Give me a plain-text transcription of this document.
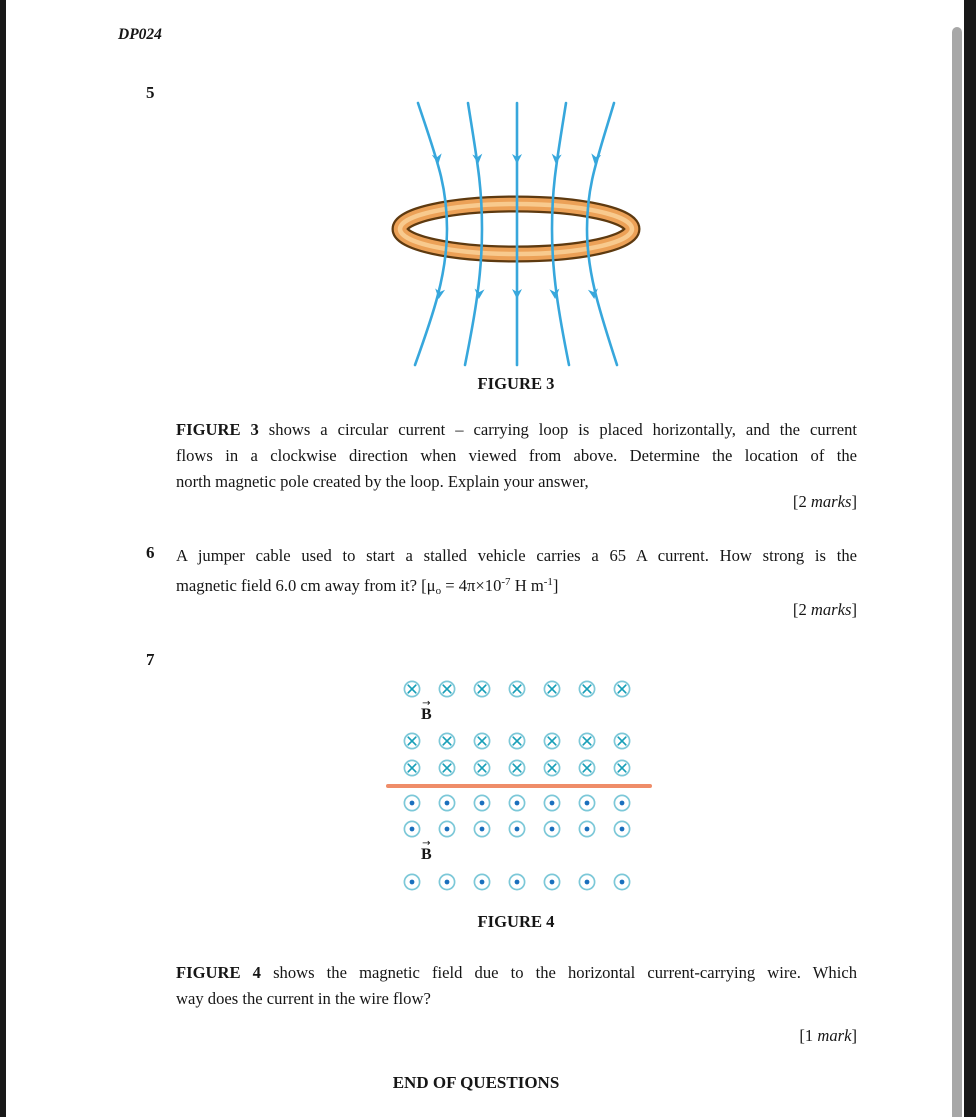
DP024
5
FIGURE 3
FIGURE 3 shows a circular current – carrying loop is placed horizontally, and the current
flows in a clockwise direction when viewed from above. Determine the location of the
north magnetic pole created by the loop. Explain your answer,
[2 marks]
6 A jumper cable used to start a stalled vehicle carries a 65 A current. How strong is the
magnetic field 6.0 cm away from it? [$\mu_o = 4\pi\times 10^{-7}$ H $m^{-1}$]
[2 marks]
7
→
B
→
B
FIGURE 4
FIGURE 4 shows the magnetic field due to the horizontal current-carrying wire. Which
way does the current in the wire flow?
[1 mark]
END OF QUESTIONS
